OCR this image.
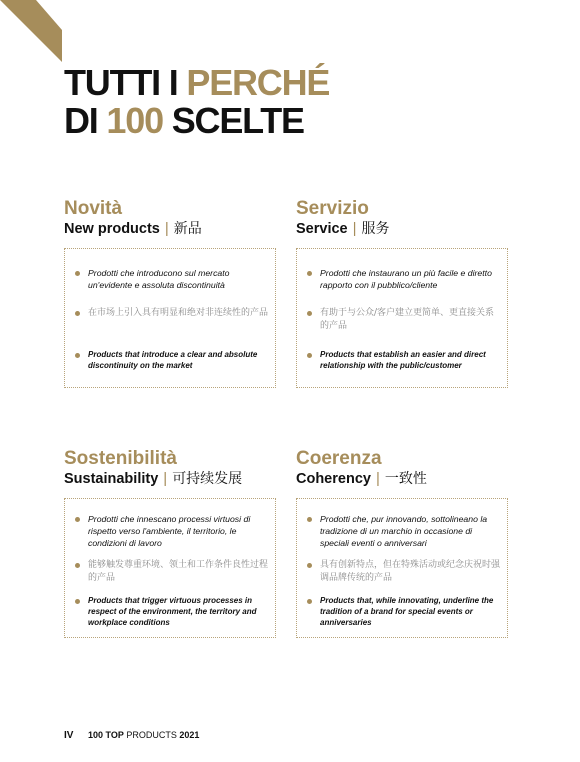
TUTTI I PERCHÉ
DI 100 SCELTE
Novità
New products | 新品
Prodotti che introducono sul mercato un'evidente e assoluta discontinuità
在市场上引入具有明显和绝对非连续性的产品
Products that introduce a clear and absolute discontinuity on the market
Servizio
Service | 服务
Prodotti che instaurano un più facile e diretto rapporto con il pubblico/cliente
有助于与公众/客户建立更简单、更直接关系的产品
Products that establish an easier and direct relationship with the public/customer
Sostenibilità
Sustainability | 可持续发展
Prodotti che innescano processi virtuosi di rispetto verso l'ambiente, il territorio, le condizioni di lavoro
能够触发尊重环境、领土和工作条件良性过程的产品
Products that trigger virtuous processes in respect of the environment, the territory and workplace conditions
Coerenza
Coherency | 一致性
Prodotti che, pur innovando, sottolineano la tradizione di un marchio in occasione di speciali eventi o anniversari
具有创新特点，但在特殊活动或纪念庆祝时强调品牌传统的产品
Products that, while innovating, underline the tradition of a brand for special events or anniversaries
IV 100 TOP PRODUCTS 2021
